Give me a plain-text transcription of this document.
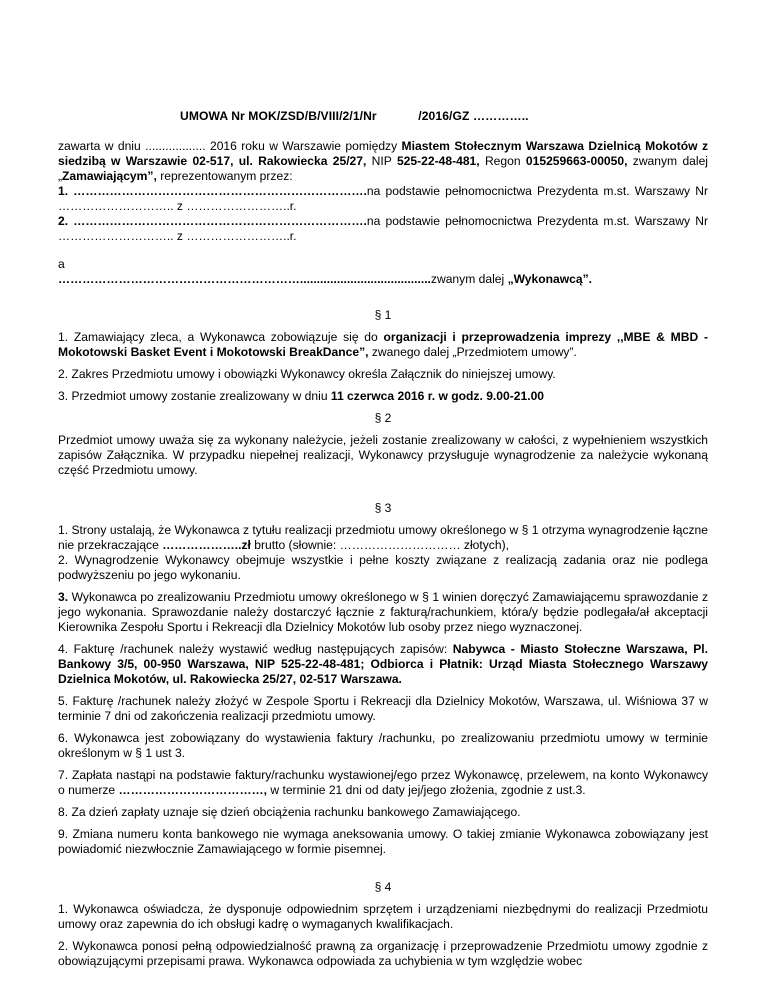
UMOWA Nr MOK/ZSD/B/VIII/2/1/Nr            /2016/GZ …………..

zawarta w dniu .................. 2016 roku w Warszawie pomiędzy Miastem Stołecznym Warszawa Dzielnicą Mokotów z siedzibą w Warszawie 02-517, ul. Rakowiecka 25/27, NIP 525-22-48-481, Regon 015259663-00050, zwanym dalej „Zamawiającym”, reprezentowanym przez:

1. ……………………………………………………………….na podstawie pełnomocnictwa Prezydenta m.st. Warszawy Nr ……………………….. z ……………………..r.

2. ……………………………………………………………….na podstawie pełnomocnictwa Prezydenta m.st. Warszawy Nr ……………………….. z ……………………..r.

a

…………………………………………………….......................................zwanym dalej „Wykonawcą”.

§ 1

1. Zamawiający zleca, a Wykonawca zobowiązuje się do organizacji i przeprowadzenia imprezy ,,MBE & MBD -Mokotowski Basket Event i Mokotowski BreakDance”, zwanego dalej „Przedmiotem umowy”.

2. Zakres Przedmiotu umowy i obowiązki Wykonawcy określa Załącznik do niniejszej umowy.

3. Przedmiot umowy zostanie zrealizowany w dniu 11 czerwca 2016 r. w godz. 9.00-21.00

§ 2

Przedmiot umowy uważa się za wykonany należycie, jeżeli zostanie zrealizowany w całości, z wypełnieniem wszystkich zapisów Załącznika. W przypadku niepełnej realizacji, Wykonawcy przysługuje wynagrodzenie za należycie wykonaną część Przedmiotu umowy.

§ 3

1. Strony ustalają, że Wykonawca z tytułu realizacji przedmiotu umowy określonego w § 1 otrzyma wynagrodzenie łączne nie przekraczające ………………..zł brutto (słownie: ………………………… złotych),

2. Wynagrodzenie Wykonawcy obejmuje wszystkie i pełne koszty związane z realizacją zadania oraz nie podlega podwyższeniu po jego wykonaniu.

3. Wykonawca po zrealizowaniu Przedmiotu umowy określonego w § 1 winien doręczyć Zamawiającemu sprawozdanie z jego wykonania. Sprawozdanie należy dostarczyć łącznie z fakturą/rachunkiem, która/y będzie podlegała/ał akceptacji Kierownika Zespołu Sportu i Rekreacji dla Dzielnicy Mokotów lub osoby przez niego wyznaczonej.

4. Fakturę /rachunek należy wystawić według następujących zapisów: Nabywca - Miasto Stołeczne Warszawa, Pl. Bankowy 3/5, 00-950 Warszawa, NIP 525-22-48-481; Odbiorca i Płatnik: Urząd Miasta Stołecznego Warszawy Dzielnica Mokotów, ul. Rakowiecka 25/27, 02-517 Warszawa.

5. Fakturę /rachunek należy złożyć w Zespole Sportu i Rekreacji dla Dzielnicy Mokotów, Warszawa, ul. Wiśniowa 37 w terminie 7 dni od zakończenia realizacji przedmiotu umowy.

6. Wykonawca jest zobowiązany do wystawienia faktury /rachunku, po zrealizowaniu przedmiotu umowy w terminie określonym w § 1 ust 3.

7. Zapłata nastąpi na podstawie faktury/rachunku wystawionej/ego przez Wykonawcę, przelewem, na konto Wykonawcy o numerze ………………………………, w terminie 21 dni od daty jej/jego złożenia, zgodnie z ust.3.

8. Za dzień zapłaty uznaje się dzień obciążenia rachunku bankowego Zamawiającego.

9. Zmiana numeru konta bankowego nie wymaga aneksowania umowy. O takiej zmianie Wykonawca zobowiązany jest powiadomić niezwłocznie Zamawiającego w formie pisemnej.

§ 4

1. Wykonawca oświadcza, że dysponuje odpowiednim sprzętem i urządzeniami niezbędnymi do realizacji Przedmiotu umowy oraz zapewnia do ich obsługi kadrę o wymaganych kwalifikacjach.

2. Wykonawca ponosi pełną odpowiedzialność prawną za organizację i przeprowadzenie Przedmiotu umowy zgodnie z obowiązującymi przepisami prawa. Wykonawca odpowiada za uchybienia w tym względzie wobec
